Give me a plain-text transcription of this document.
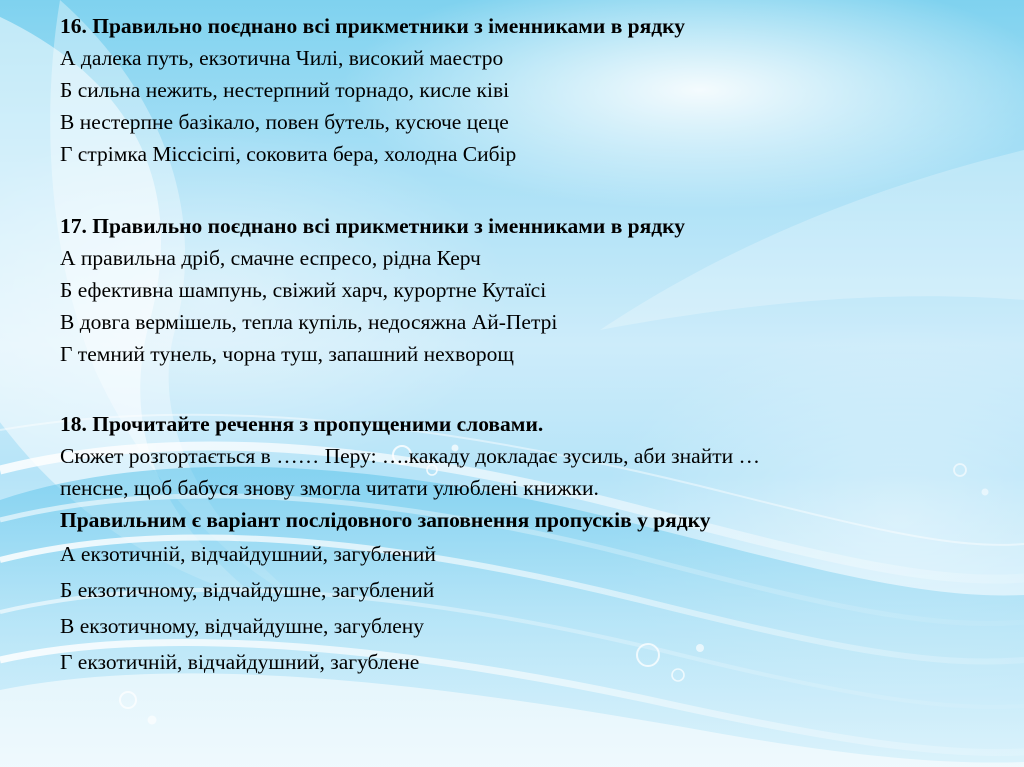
16. Правильно поєднано всі прикметники з іменниками в рядку
А далека путь, екзотична Чилі, високий маестро
Б сильна нежить, нестерпний торнадо, кисле ківі
В нестерпне базікало, повен бутель, кусюче цеце
Г стрімка Міссісіпі, соковита бера, холодна Сибір
17. Правильно поєднано всі прикметники з іменниками в рядку
А правильна дріб, смачне еспресо, рідна Керч
Б ефективна шампунь, свіжий харч, курортне Кутаїсі
В довга вермішель, тепла купіль, недосяжна Ай-Петрі
Г темний тунель, чорна туш, запашний нехворощ
18. Прочитайте речення з пропущеними словами.
Сюжет розгортається в …… Перу: ….какаду докладає зусиль, аби знайти …
пенсне, щоб бабуся знову змогла читати улюблені книжки.
Правильним є варіант послідовного заповнення пропусків у рядку
А екзотичній, відчайдушний, загублений
Б екзотичному, відчайдушне, загублений
В екзотичному, відчайдушне, загублену
Г екзотичній, відчайдушний, загублене
